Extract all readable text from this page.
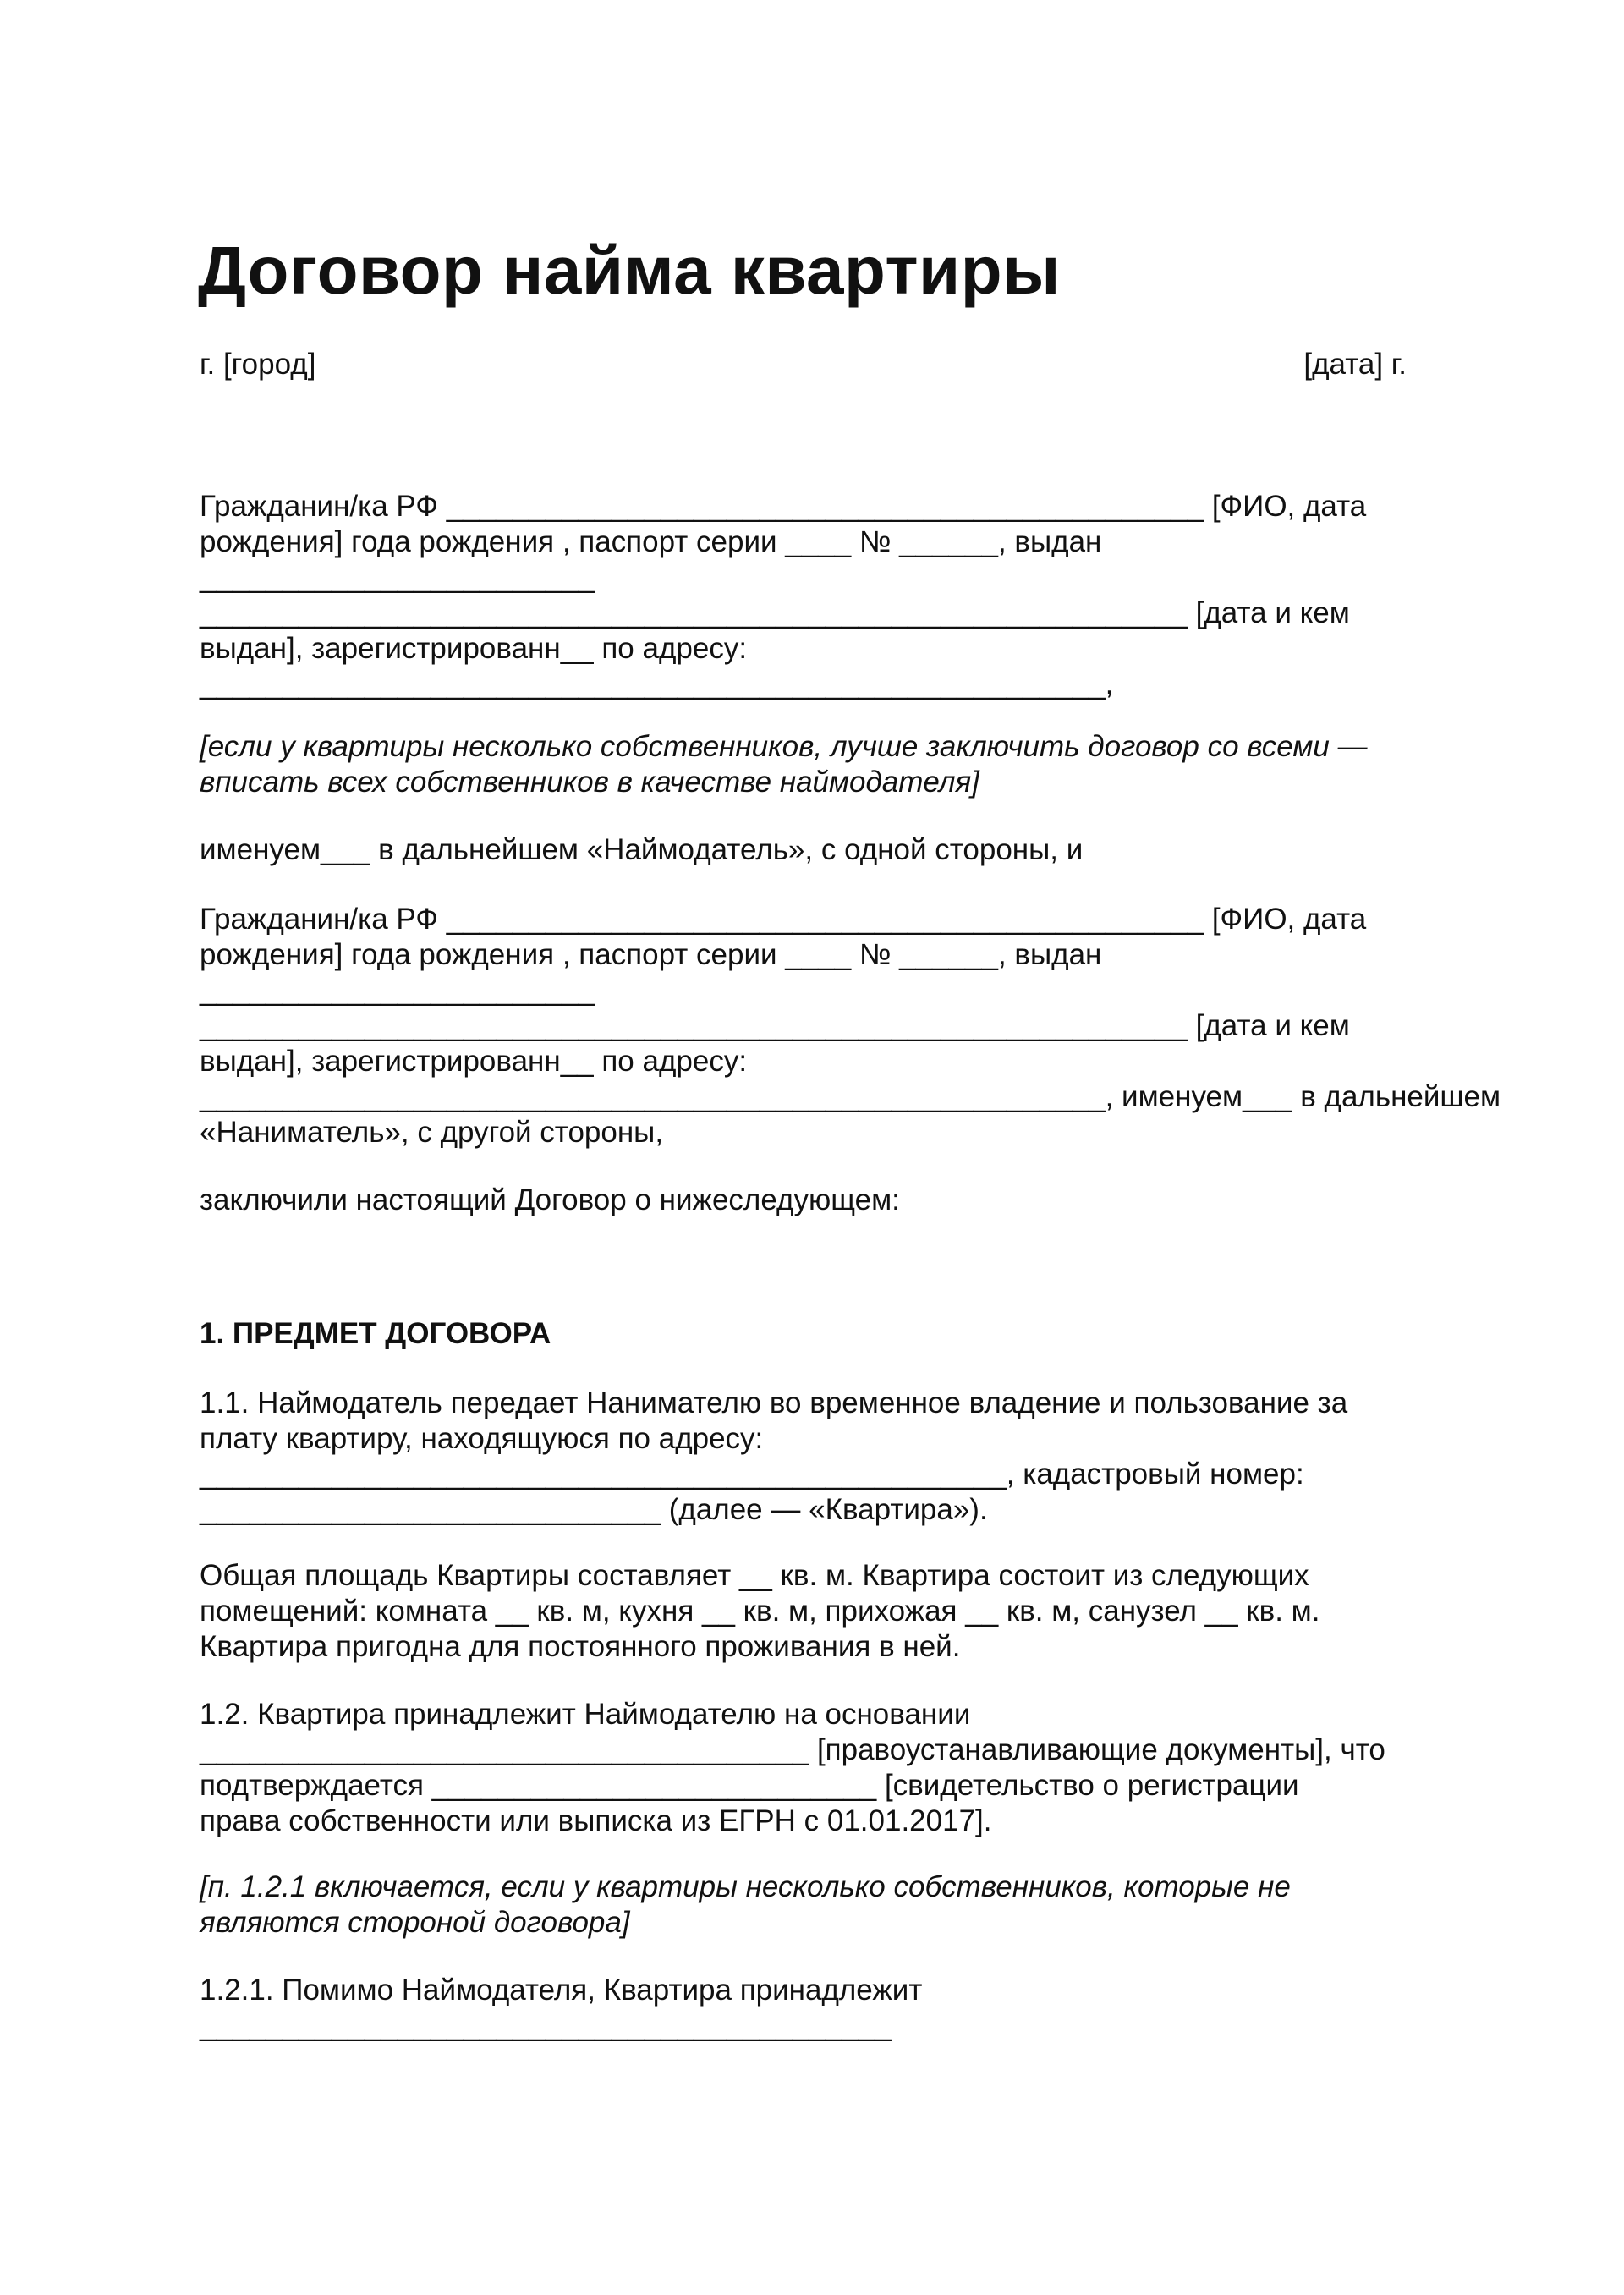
Договор найма квартиры
г. [город]	[дата] г.
Гражданин/ка РФ ______________________________________________ [ФИО, дата
рождения] года рождения , паспорт серии ____ № ______, выдан
________________________
____________________________________________________________ [дата и кем
выдан], зарегистрированн__ по адресу:
_______________________________________________________,
[если у квартиры несколько собственников, лучше заключить договор со всеми —
вписать всех собственников в качестве наймодателя]
именуем___ в дальнейшем «Наймодатель», с одной стороны, и
Гражданин/ка РФ ______________________________________________ [ФИО, дата
рождения] года рождения , паспорт серии ____ № ______, выдан
________________________
____________________________________________________________ [дата и кем
выдан], зарегистрированн__ по адресу:
_______________________________________________________, именуем___ в дальнейшем
«Наниматель», с другой стороны,
заключили настоящий Договор о нижеследующем:
1. ПРЕДМЕТ ДОГОВОРА
1.1. Наймодатель передает Нанимателю во временное владение и пользование за
плату квартиру, находящуюся по адресу:
_________________________________________________, кадастровый номер:
____________________________ (далее — «Квартира»).
Общая площадь Квартиры составляет __ кв. м. Квартира состоит из следующих
помещений: комната __ кв. м, кухня __ кв. м, прихожая __ кв. м, санузел __ кв. м.
Квартира пригодна для постоянного проживания в ней.
1.2. Квартира принадлежит Наймодателю на основании
_____________________________________ [правоустанавливающие документы], что
подтверждается ___________________________ [свидетельство о регистрации
права собственности или выписка из ЕГРН с 01.01.2017].
[п. 1.2.1 включается, если у квартиры несколько собственников, которые не
являются стороной договора]
1.2.1. Помимо Наймодателя, Квартира принадлежит
__________________________________________
